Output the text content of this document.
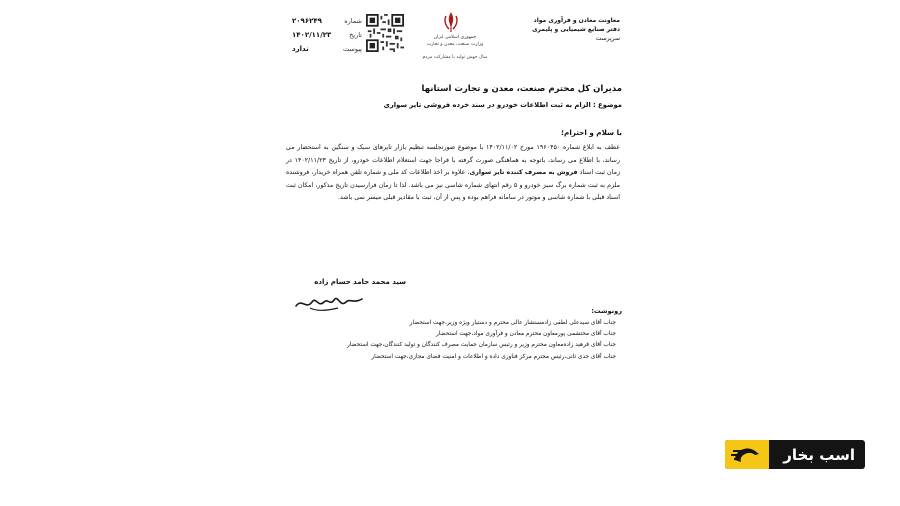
شماره
۲۰۹۶۲۴۹
تاریخ
۱۴۰۲/۱۱/۲۳
پیوست
ندارد
جمهوری اسلامی ایران
وزارت صنعت، معدن و تجارت
سال جهش تولید با مشارکت مردم
معاونت معادن و فرآوری مواد
دفتر صنایع شیمیایی و پلیمری
سرپرست
مدیران کل محترم صنعت، معدن و تجارت استانها
موضوع : الزام به ثبت اطلاعات خودرو در سند خرده فروشی تایر سواری
با سلام و احترام؛
عطف به ابلاغ شماره ۱۹۶۰۴۵۰ مورخ ۱۴۰۲/۱۱/۰۲ با موضوع صورتجلسه تنظیم بازار تایرهای سبک و سنگین به استحضار می رساند، با اطلاع می رساند، باتوجه به هماهنگی صورت گرفته با فراجا جهت استعلام اطلاعات خودرو، از تاریخ ۱۴۰۲/۱۱/۲۳ در زمان ثبت اسناد فروش به مصرف کننده تایر سواری، علاوه بر اخذ اطلاعات کد ملی و شماره تلفن همراه خریدار، فروشنده ملزم به ثبت شماره برگ سبز خودرو و ۵ رقم انتهای شماره شاسی نیز می باشد. لذا تا زمان فرارسیدن تاریخ مذکور، امکان ثبت اسناد قبلی با شماره شاسی و موتور در سامانه فراهم بوده و پس از آن، ثبت با مقادیر قبلی میسر نمی باشد.
سید محمد حامد حسام زاده
رونوشت:
جناب آقای سیدعلی لطفی زادمستشار عالی محترم و دستیار ویژه وزیر،جهت استحضار
جناب آقای محتشمی پورمعاون محترم معادن و فرآوری مواد،جهت استحضار
جناب آقای فرهید زاده‌معاون محترم وزیر و رئیس سازمان حمایت مصرف کنندگان و تولید کنندگان،جهت استحضار
جناب آقای جدی ثانی،رئیس محترم مرکز فناوری داده و اطلاعات و امنیت فضای مجازی،جهت استحضار
اسب بخار
